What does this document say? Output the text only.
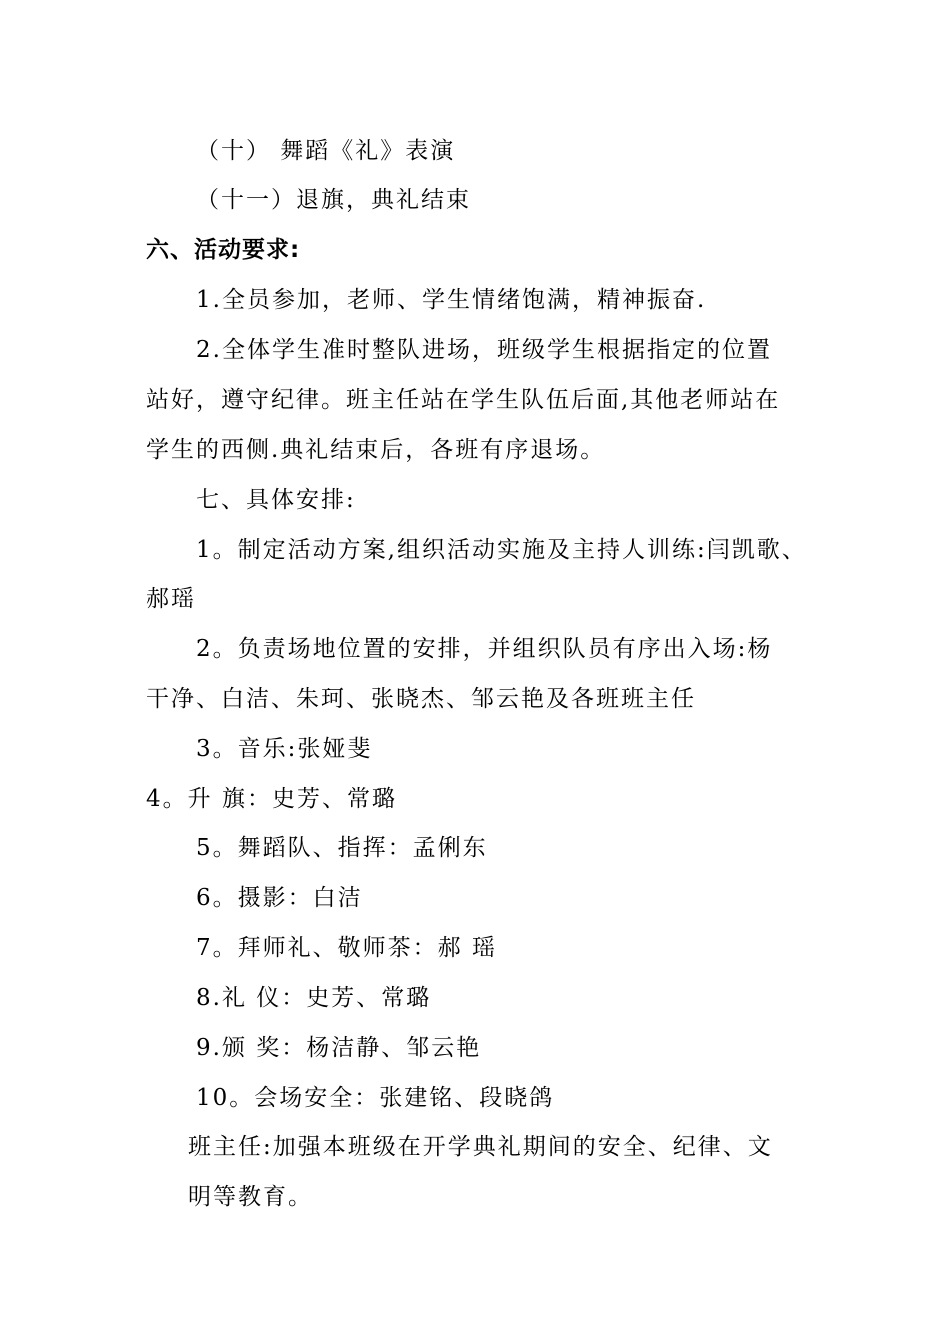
（十） 舞蹈《礼》表演
（十一）退旗，典礼结束
六、活动要求:
1.全员参加，老师、学生情绪饱满，精神振奋.
2.全体学生准时整队进场，班级学生根据指定的位置
站好，遵守纪律。班主任站在学生队伍后面,其他老师站在
学生的西侧.典礼结束后，各班有序退场。
七、具体安排:
1。制定活动方案,组织活动实施及主持人训练:闫凯歌、
郝瑶
2。负责场地位置的安排，并组织队员有序出入场:杨
干净、白洁、朱珂、张晓杰、邹云艳及各班班主任
3。音乐:张娅斐
4。升 旗：史芳、常璐
5。舞蹈队、指挥：孟俐东
6。摄影：白洁
7。拜师礼、敬师茶：郝 瑶
8.礼 仪：史芳、常璐
9.颁 奖：杨洁静、邹云艳
10。会场安全：张建铭、段晓鸽
班主任:加强本班级在开学典礼期间的安全、纪律、文
明等教育。
